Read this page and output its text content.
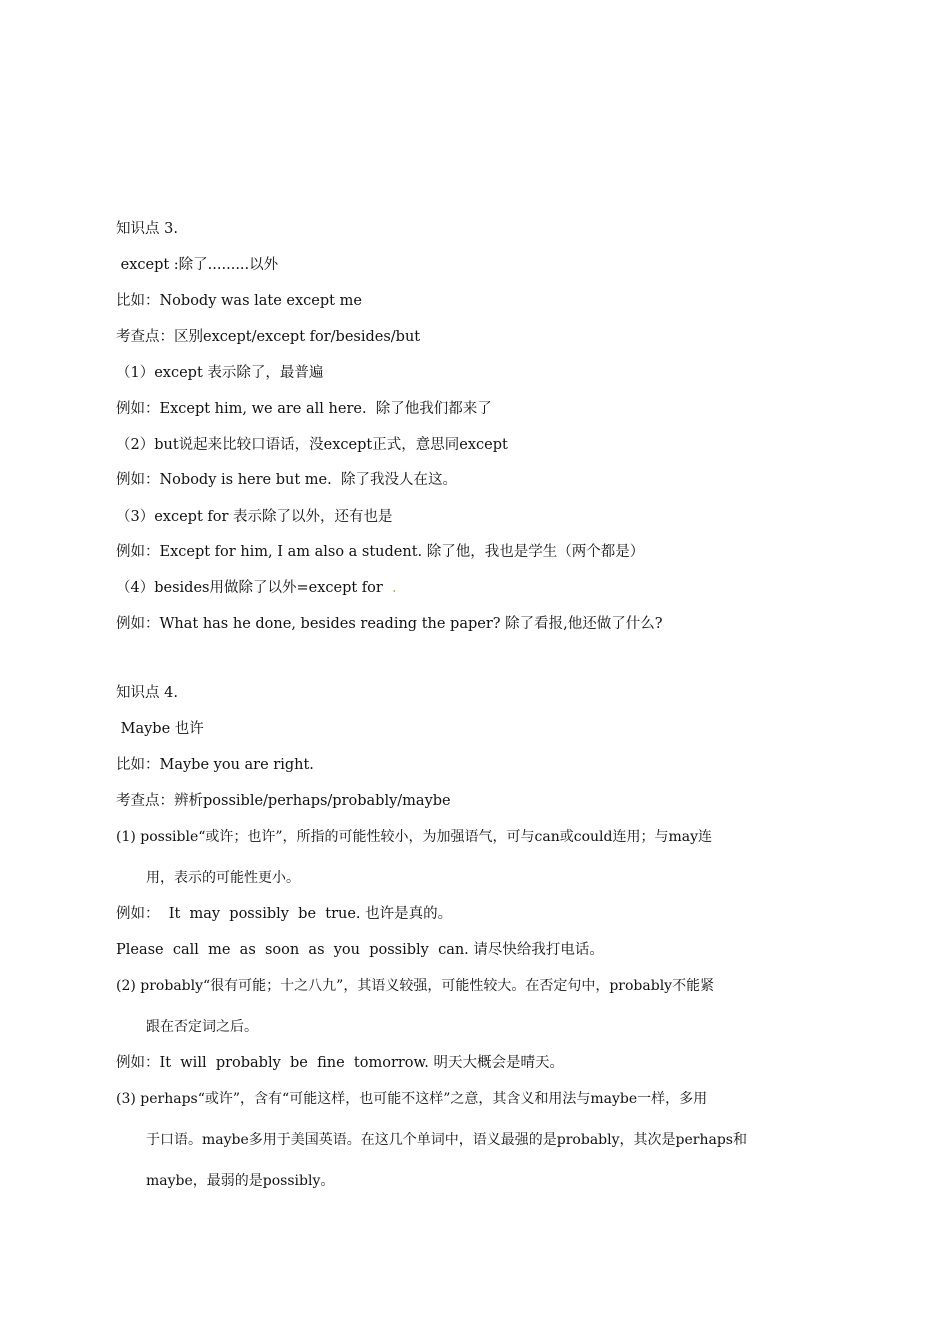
知识点 3.
except :除了.........以外
比如：Nobody was late except me
考查点：区别except/except for/besides/but
（1）except 表示除了，最普遍
例如：Except him, we are all here.  除了他我们都来了
（2）but说起来比较口语话，没except正式，意思同except
例如：Nobody is here but me.  除了我没人在这。
（3）except for 表示除了以外，还有也是
例如：Except for him, I am also a student. 除了他，我也是学生（两个都是）
（4）besides用做除了以外=except for .
例如：What has he done, besides reading the paper? 除了看报,他还做了什么?
知识点 4.
Maybe 也许
比如：Maybe you are right.
考查点：辨析possible/perhaps/probably/maybe
(1) possible“或许；也许”，所指的可能性较小，为加强语气，可与can或could连用；与may连
用，表示的可能性更小。
例如：  It  may  possibly  be  true. 也许是真的。
Please  call  me  as  soon  as  you  possibly  can. 请尽快给我打电话。
(2) probably“很有可能；十之八九”，其语义较强，可能性较大。在否定句中，probably不能紧
跟在否定词之后。
例如：It  will  probably  be  fine  tomorrow. 明天大概会是晴天。
(3) perhaps“或许”，含有“可能这样，也可能不这样”之意，其含义和用法与maybe一样，多用
于口语。maybe多用于美国英语。在这几个单词中，语义最强的是probably，其次是perhaps和
maybe，最弱的是possibly。
